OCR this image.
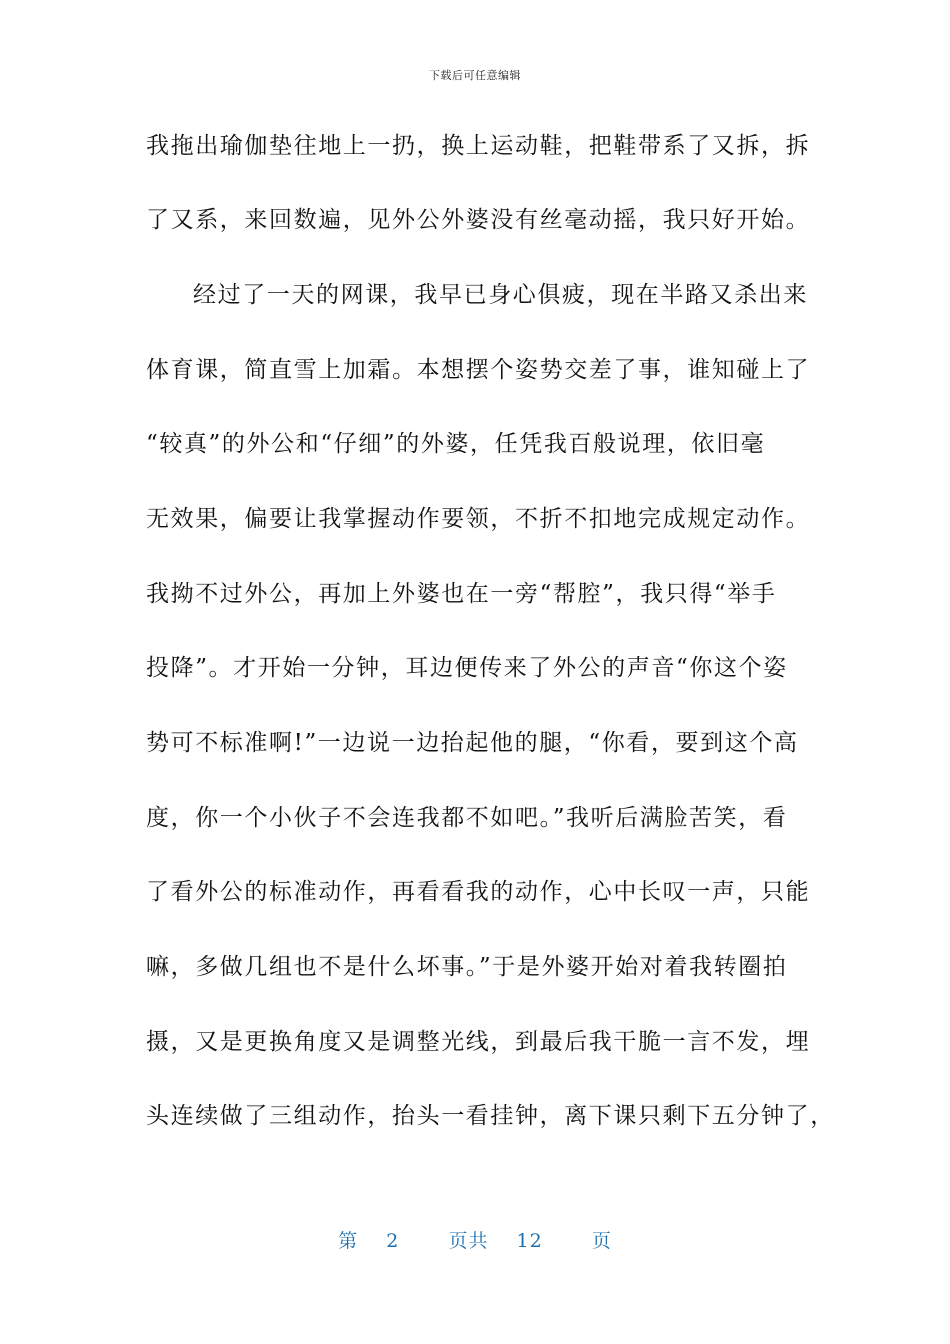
下载后可任意编辑
我拖出瑜伽垫往地上一扔，换上运动鞋，把鞋带系了又拆，拆
了又系，来回数遍，见外公外婆没有丝毫动摇，我只好开始。
经过了一天的网课，我早已身心俱疲，现在半路又杀出来
体育课，简直雪上加霜。本想摆个姿势交差了事，谁知碰上了
“较真”的外公和“仔细”的外婆，任凭我百般说理，依旧毫
无效果，偏要让我掌握动作要领，不折不扣地完成规定动作。
我拗不过外公，再加上外婆也在一旁“帮腔”，我只得“举手
投降”。才开始一分钟，耳边便传来了外公的声音“你这个姿
势可不标准啊!”一边说一边抬起他的腿，“你看，要到这个高
度，你一个小伙子不会连我都不如吧。”我听后满脸苦笑，看
了看外公的标准动作，再看看我的动作，心中长叹一声，只能
嘛，多做几组也不是什么坏事。”于是外婆开始对着我转圈拍
摄，又是更换角度又是调整光线，到最后我干脆一言不发，埋
头连续做了三组动作，抬头一看挂钟，离下课只剩下五分钟了，
第 2	页共 12	页
